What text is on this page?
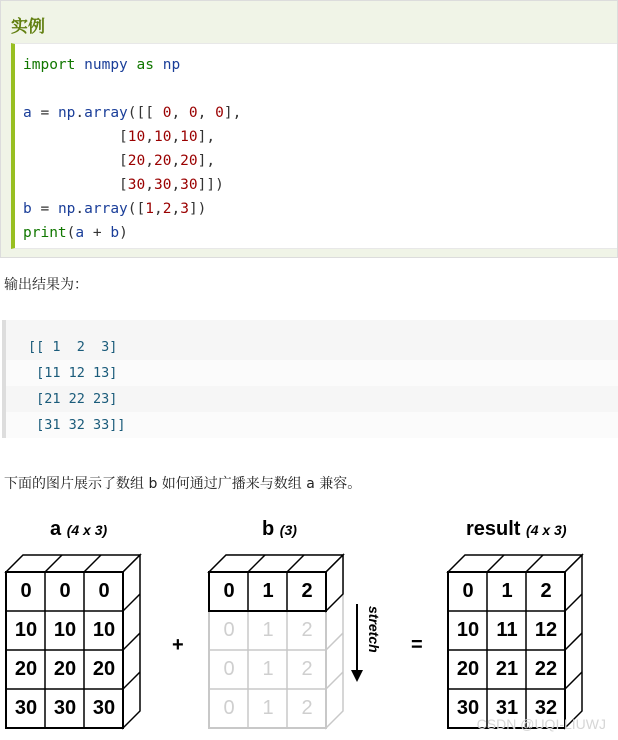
实例
import numpy as np
a = np.array([[ 0, 0, 0],
[10,10,10],
[20,20,20],
[30,30,30]])
b = np.array([1,2,3])
print(a + b)
输出结果为：
[[ 1  2  3]
[11 12 13]
[21 22 23]
[31 32 33]]
下面的图片展示了数组 b 如何通过广播来与数组 a 兼容。
stretch
a (4 x 3)	b (3)	result (4 x 3)
+	=
0	0	0
10 10 10
20 20 20
30 30 30
0	1	2
0	1	2
0	1	2
0	1	2
0	1	2
10 11 12
20 21 22
30 31 32
CSDN @UQI-LIUWJ
